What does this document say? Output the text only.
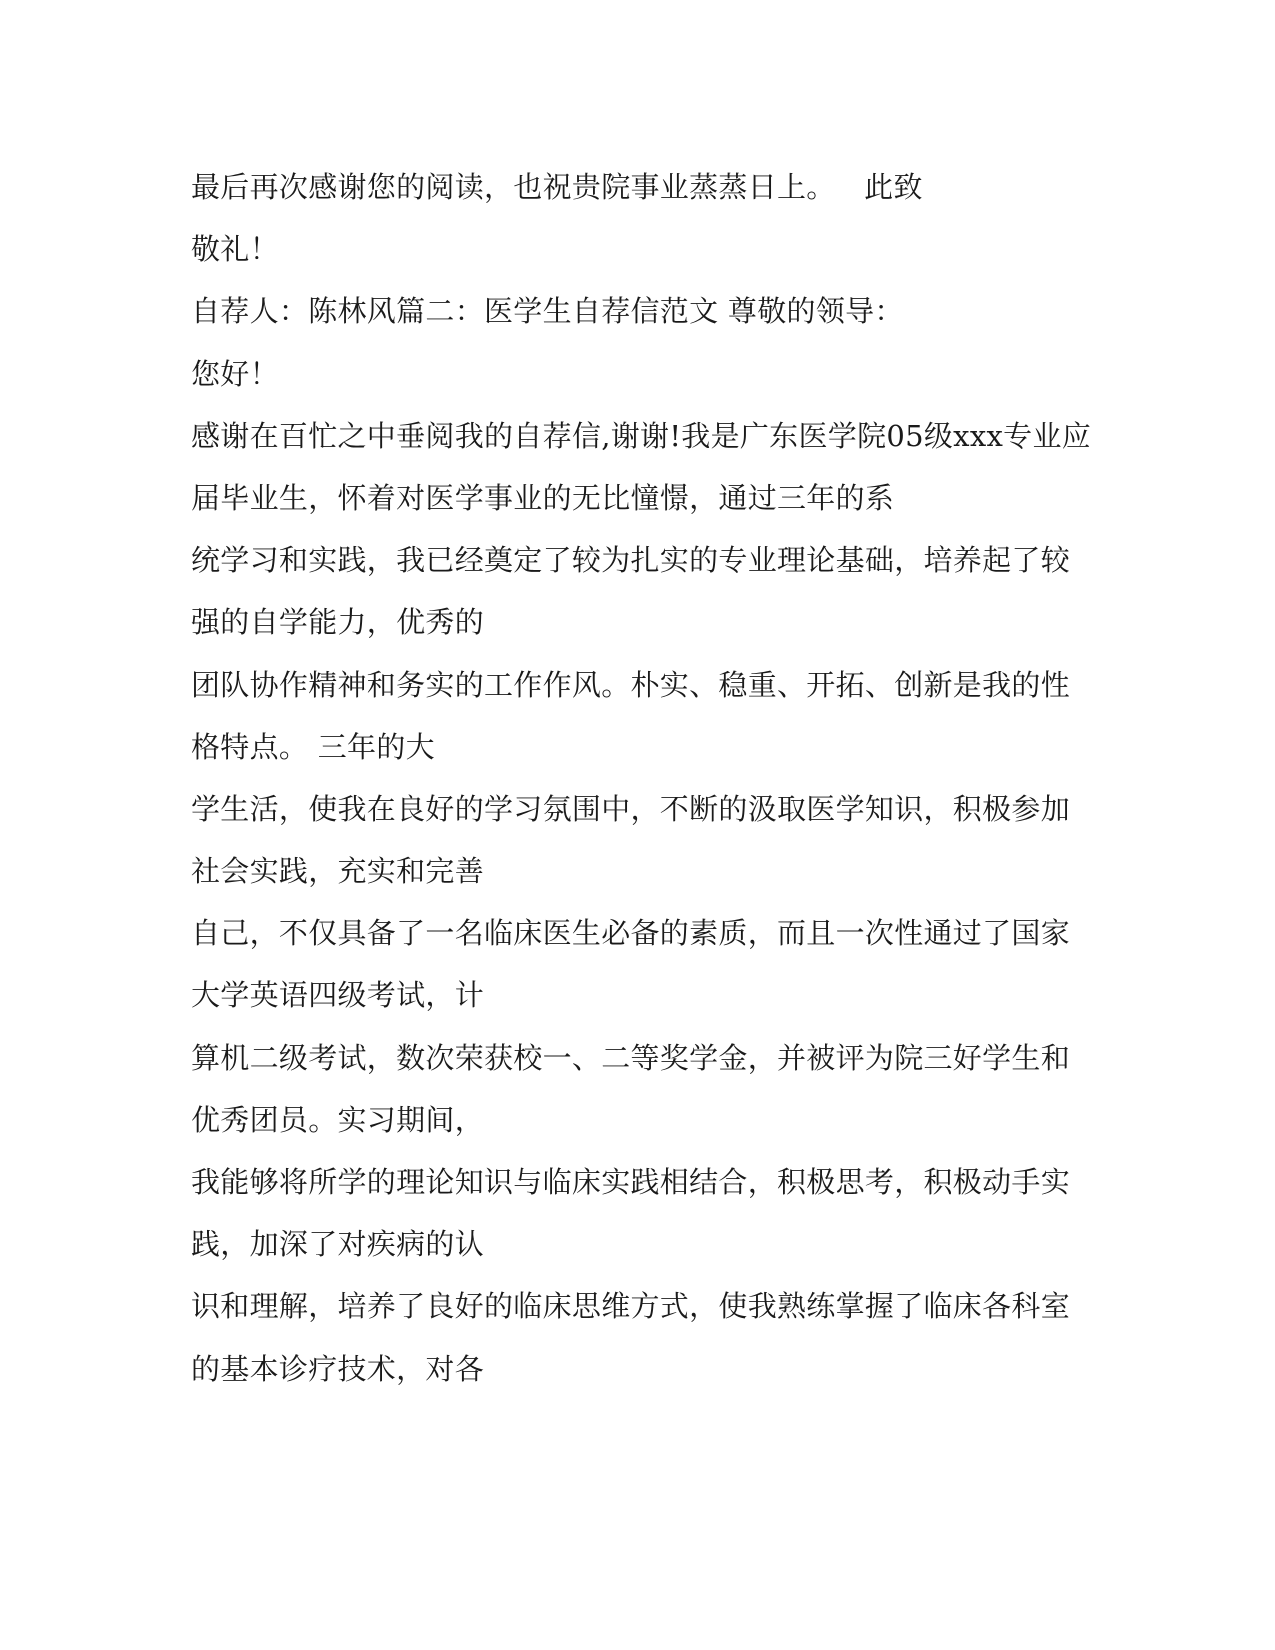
最后再次感谢您的阅读，也祝贵院事业蒸蒸日上。   此致
敬礼！
自荐人：陈林风篇二：医学生自荐信范文 尊敬的领导：
您好！
感谢在百忙之中垂阅我的自荐信,谢谢!我是广东医学院05级xxx专业应
届毕业生，怀着对医学事业的无比憧憬，通过三年的系
统学习和实践，我已经奠定了较为扎实的专业理论基础，培养起了较
强的自学能力，优秀的
团队协作精神和务实的工作作风。朴实、稳重、开拓、创新是我的性
格特点。 三年的大
学生活，使我在良好的学习氛围中，不断的汲取医学知识，积极参加
社会实践，充实和完善
自己，不仅具备了一名临床医生必备的素质，而且一次性通过了国家
大学英语四级考试，计
算机二级考试，数次荣获校一、二等奖学金，并被评为院三好学生和
优秀团员。实习期间，
我能够将所学的理论知识与临床实践相结合，积极思考，积极动手实
践，加深了对疾病的认
识和理解，培养了良好的临床思维方式，使我熟练掌握了临床各科室
的基本诊疗技术，对各
